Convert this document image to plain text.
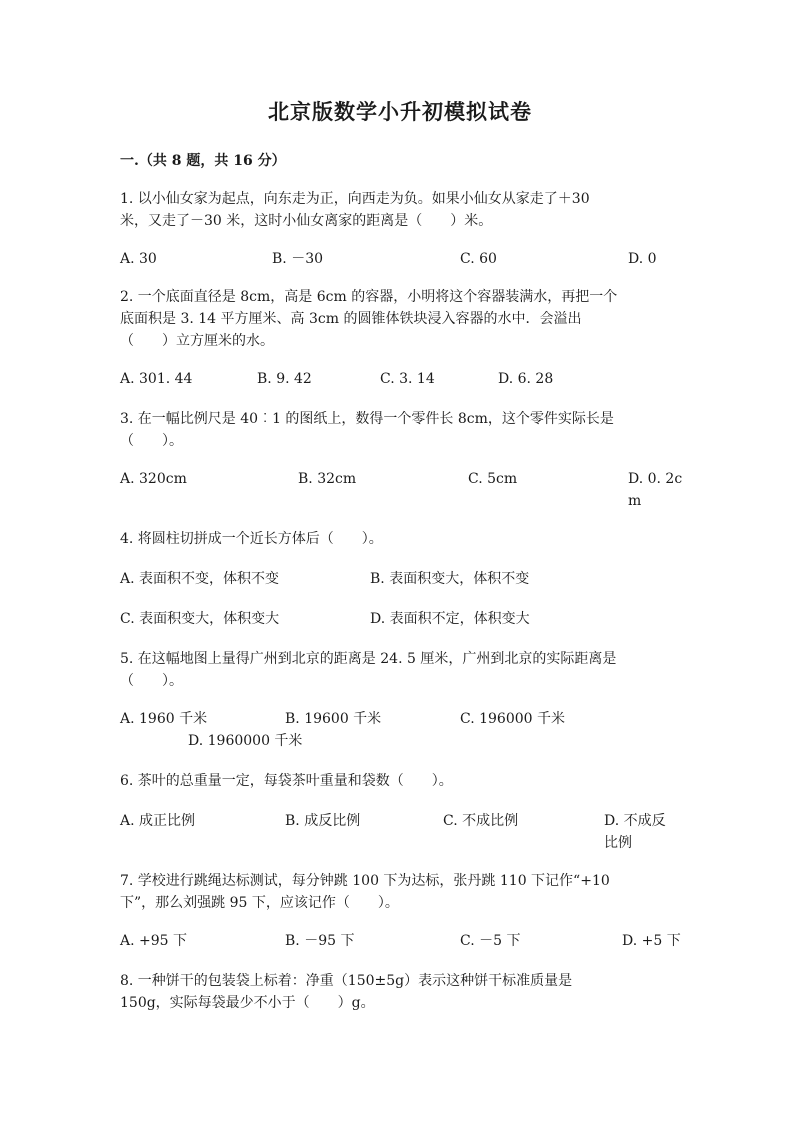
北京版数学小升初模拟试卷
一.（共 8 题，共 16 分）
1. 以小仙女家为起点，向东走为正，向西走为负。如果小仙女从家走了＋30
米，又走了－30 米，这时小仙女离家的距离是（　　）米。
A. 30	B. －30	C. 60	D. 0
2. 一个底面直径是 8cm，高是 6cm 的容器，小明将这个容器装满水，再把一个
底面积是 3. 14 平方厘米、高 3cm 的圆锥体铁块浸入容器的水中．会溢出
（　　）立方厘米的水。
A. 301. 44	B. 9. 42	C. 3. 14	D. 6. 28
3. 在一幅比例尺是 40︰1 的图纸上，数得一个零件长 8cm，这个零件实际长是
（　　）。
A. 320cm	B. 32cm	C. 5cm	D. 0. 2c
m
4. 将圆柱切拼成一个近长方体后（　　）。
A. 表面积不变，体积不变	B. 表面积变大，体积不变
C. 表面积变大，体积变大	D. 表面积不定，体积变大
5. 在这幅地图上量得广州到北京的距离是 24. 5 厘米，广州到北京的实际距离是
（　　）。
A. 1960 千米	B. 19600 千米	C. 196000 千米
D. 1960000 千米
6. 茶叶的总重量一定，每袋茶叶重量和袋数（　　）。
A. 成正比例	B. 成反比例	C. 不成比例	D. 不成反
比例
7. 学校进行跳绳达标测试，每分钟跳 100 下为达标，张丹跳 110 下记作“+10
下”，那么刘强跳 95 下，应该记作（　　）。
A. +95 下	B. －95 下	C. －5 下	D. +5 下
8. 一种饼干的包装袋上标着：净重（150±5g）表示这种饼干标准质量是
150g，实际每袋最少不小于（　　）g。
